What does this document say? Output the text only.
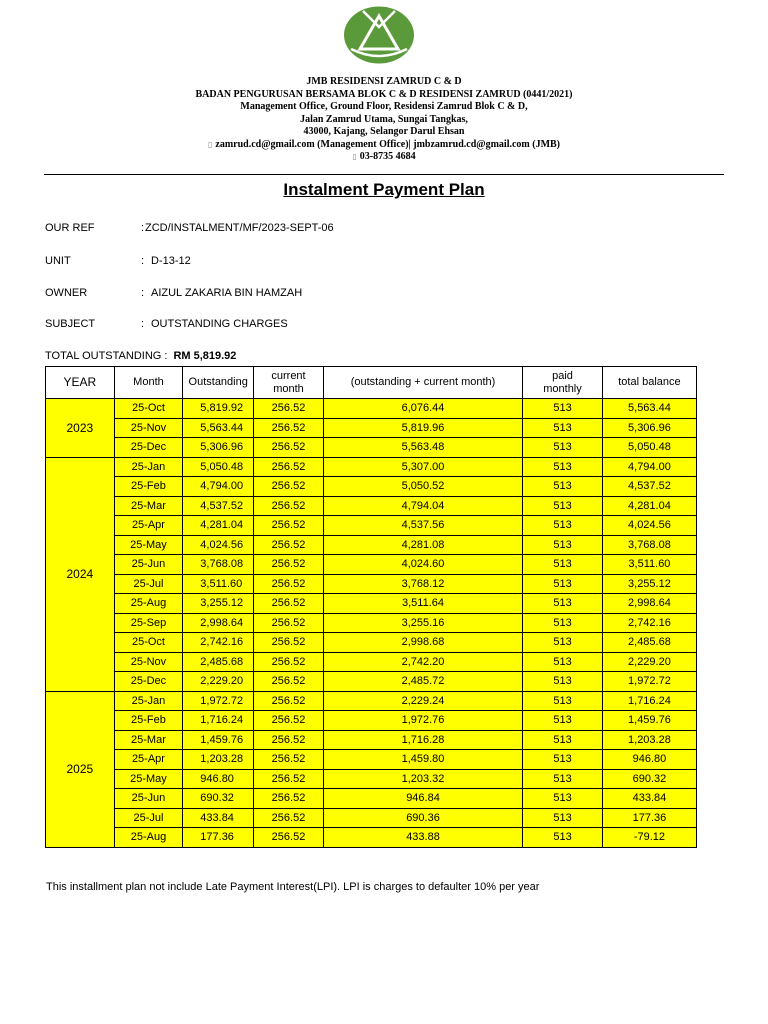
JMB RESIDENSI ZAMRUD C & D
BADAN PENGURUSAN BERSAMA BLOK C & D RESIDENSI ZAMRUD (0441/2021)
Management Office, Ground Floor, Residensi Zamrud Blok C & D,
Jalan Zamrud Utama, Sungai Tangkas,
43000, Kajang, Selangor Darul Ehsan
▯ zamrud.cd@gmail.com (Management Office)| jmbzamrud.cd@gmail.com (JMB)
▯ 03-8735 4684
Instalment Payment Plan
OUR REF	: ZCD/INSTALMENT/MF/2023-SEPT-06
UNIT	: D-13-12
OWNER	: AIZUL ZAKARIA BIN HAMZAH
SUBJECT	: OUTSTANDING CHARGES
TOTAL OUTSTANDING : RM 5,819.92
YEAR	Month	Outstanding	current
month	(outstanding + current month)	paid
monthly	total balance
2023	25-Oct	5,819.92	256.52	6,076.44	513	5,563.44
	25-Nov	5,563.44	256.52	5,819.96	513	5,306.96
	25-Dec	5,306.96	256.52	5,563.48	513	5,050.48
2024	25-Jan	5,050.48	256.52	5,307.00	513	4,794.00
	25-Feb	4,794.00	256.52	5,050.52	513	4,537.52
	25-Mar	4,537.52	256.52	4,794.04	513	4,281.04
	25-Apr	4,281.04	256.52	4,537.56	513	4,024.56
	25-May	4,024.56	256.52	4,281.08	513	3,768.08
	25-Jun	3,768.08	256.52	4,024.60	513	3,511.60
	25-Jul	3,511.60	256.52	3,768.12	513	3,255.12
	25-Aug	3,255.12	256.52	3,511.64	513	2,998.64
	25-Sep	2,998.64	256.52	3,255.16	513	2,742.16
	25-Oct	2,742.16	256.52	2,998.68	513	2,485.68
	25-Nov	2,485.68	256.52	2,742.20	513	2,229.20
	25-Dec	2,229.20	256.52	2,485.72	513	1,972.72
2025	25-Jan	1,972.72	256.52	2,229.24	513	1,716.24
	25-Feb	1,716.24	256.52	1,972.76	513	1,459.76
	25-Mar	1,459.76	256.52	1,716.28	513	1,203.28
	25-Apr	1,203.28	256.52	1,459.80	513	946.80
	25-May	946.80	256.52	1,203.32	513	690.32
	25-Jun	690.32	256.52	946.84	513	433.84
	25-Jul	433.84	256.52	690.36	513	177.36
	25-Aug	177.36	256.52	433.88	513	-79.12
This installment plan not include Late Payment Interest(LPI). LPI is charges to defaulter 10% per year
